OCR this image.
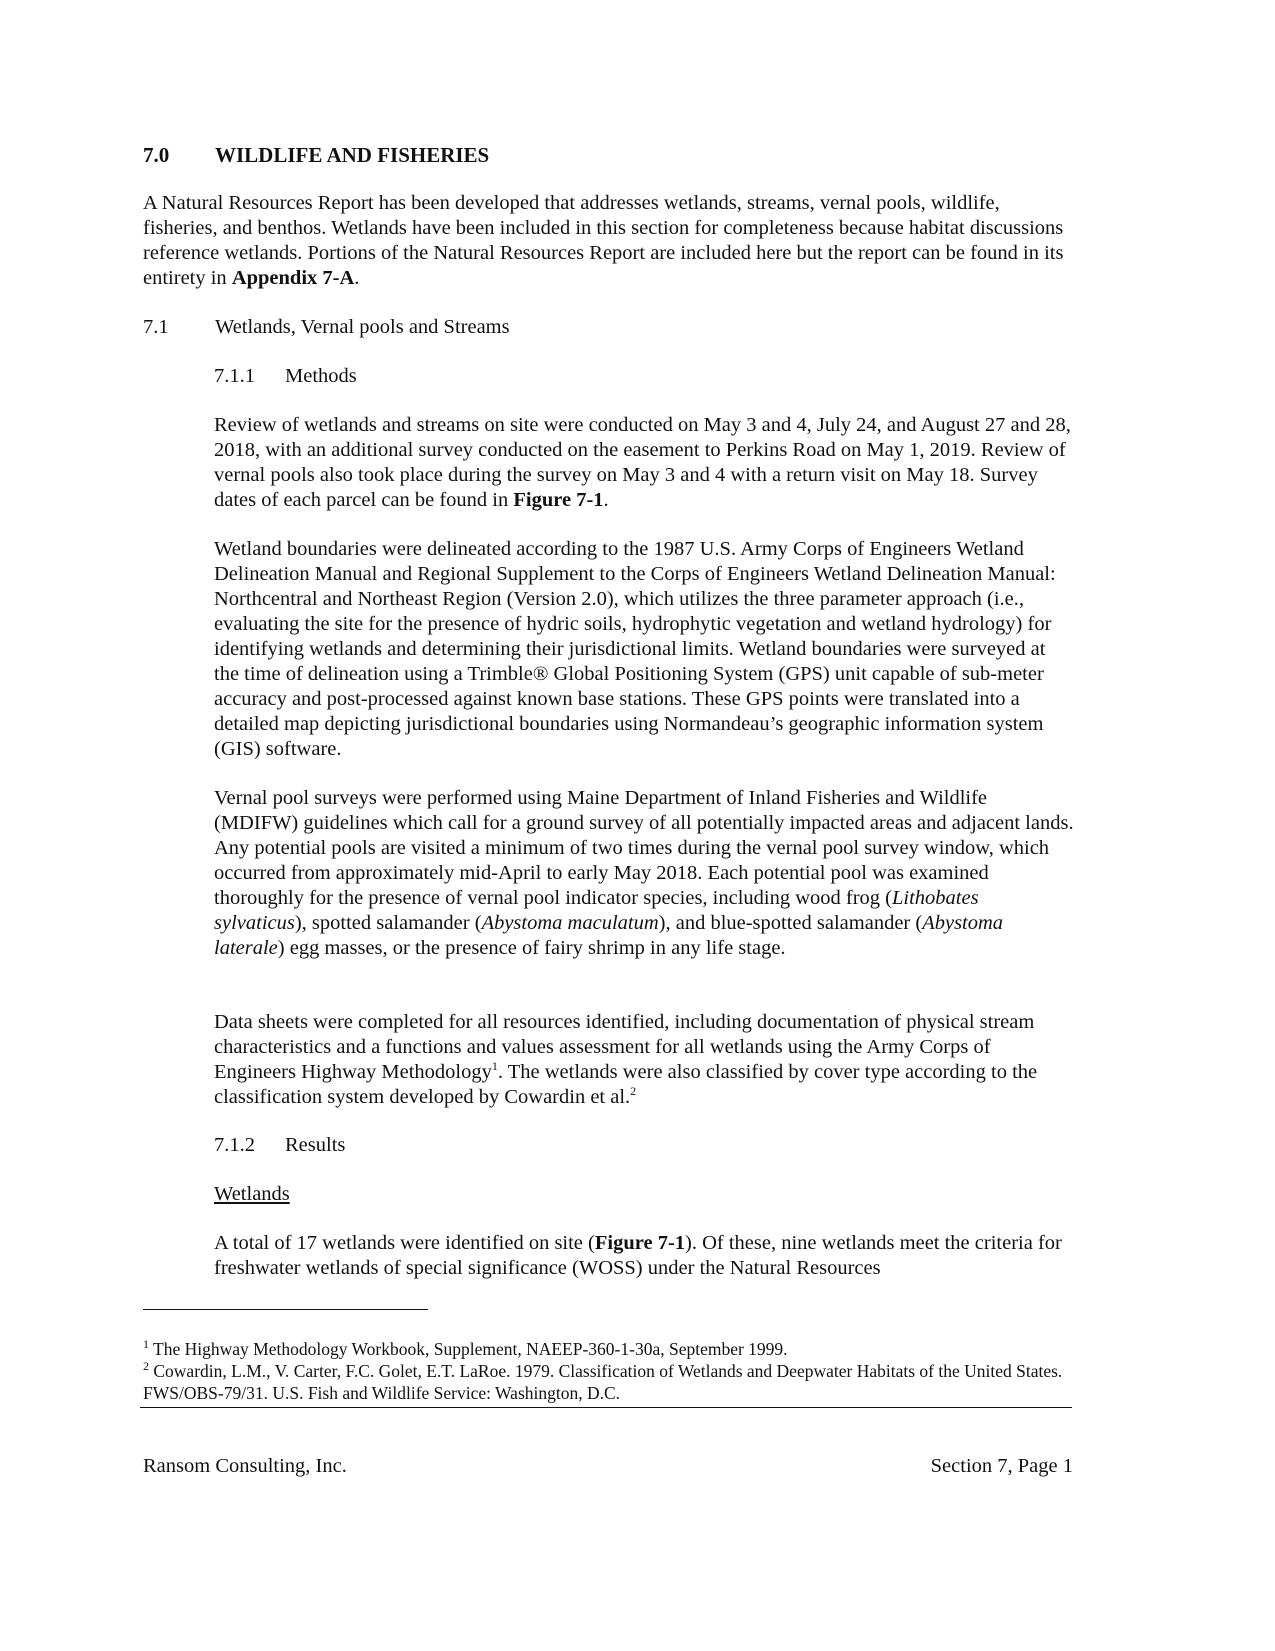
7.0 WILDLIFE AND FISHERIES

A Natural Resources Report has been developed that addresses wetlands, streams, vernal pools, wildlife, fisheries, and benthos. Wetlands have been included in this section for completeness because habitat discussions reference wetlands. Portions of the Natural Resources Report are included here but the report can be found in its entirety in Appendix 7-A.

7.1 Wetlands, Vernal pools and Streams
7.1.1 Methods

Review of wetlands and streams on site were conducted on May 3 and 4, July 24, and August 27 and 28, 2018, with an additional survey conducted on the easement to Perkins Road on May 1, 2019. Review of vernal pools also took place during the survey on May 3 and 4 with a return visit on May 18. Survey dates of each parcel can be found in Figure 7-1.

Wetland boundaries were delineated according to the 1987 U.S. Army Corps of Engineers Wetland Delineation Manual and Regional Supplement to the Corps of Engineers Wetland Delineation Manual: Northcentral and Northeast Region (Version 2.0), which utilizes the three parameter approach (i.e., evaluating the site for the presence of hydric soils, hydrophytic vegetation and wetland hydrology) for identifying wetlands and determining their jurisdictional limits. Wetland boundaries were surveyed at the time of delineation using a Trimble® Global Positioning System (GPS) unit capable of sub-meter accuracy and post-processed against known base stations. These GPS points were translated into a detailed map depicting jurisdictional boundaries using Normandeau’s geographic information system (GIS) software.

Vernal pool surveys were performed using Maine Department of Inland Fisheries and Wildlife (MDIFW) guidelines which call for a ground survey of all potentially impacted areas and adjacent lands. Any potential pools are visited a minimum of two times during the vernal pool survey window, which occurred from approximately mid-April to early May 2018. Each potential pool was examined thoroughly for the presence of vernal pool indicator species, including wood frog (Lithobates sylvaticus), spotted salamander (Abystoma maculatum), and blue-spotted salamander (Abystoma laterale) egg masses, or the presence of fairy shrimp in any life stage.

Data sheets were completed for all resources identified, including documentation of physical stream characteristics and a functions and values assessment for all wetlands using the Army Corps of Engineers Highway Methodology$^1$. The wetlands were also classified by cover type according to the classification system developed by Cowardin et al.$^2$

7.1.2 Results
Wetlands

A total of 17 wetlands were identified on site (Figure 7-1). Of these, nine wetlands meet the criteria for freshwater wetlands of special significance (WOSS) under the Natural Resources

$^1$ The Highway Methodology Workbook, Supplement, NAEEP-360-1-30a, September 1999.

$^2$ Cowardin, L.M., V. Carter, F.C. Golet, E.T. LaRoe. 1979. Classification of Wetlands and Deepwater Habitats of the United States. FWS/OBS-79/31. U.S. Fish and Wildlife Service: Washington, D.C.

Ransom Consulting, Inc.	Section 7, Page 1
